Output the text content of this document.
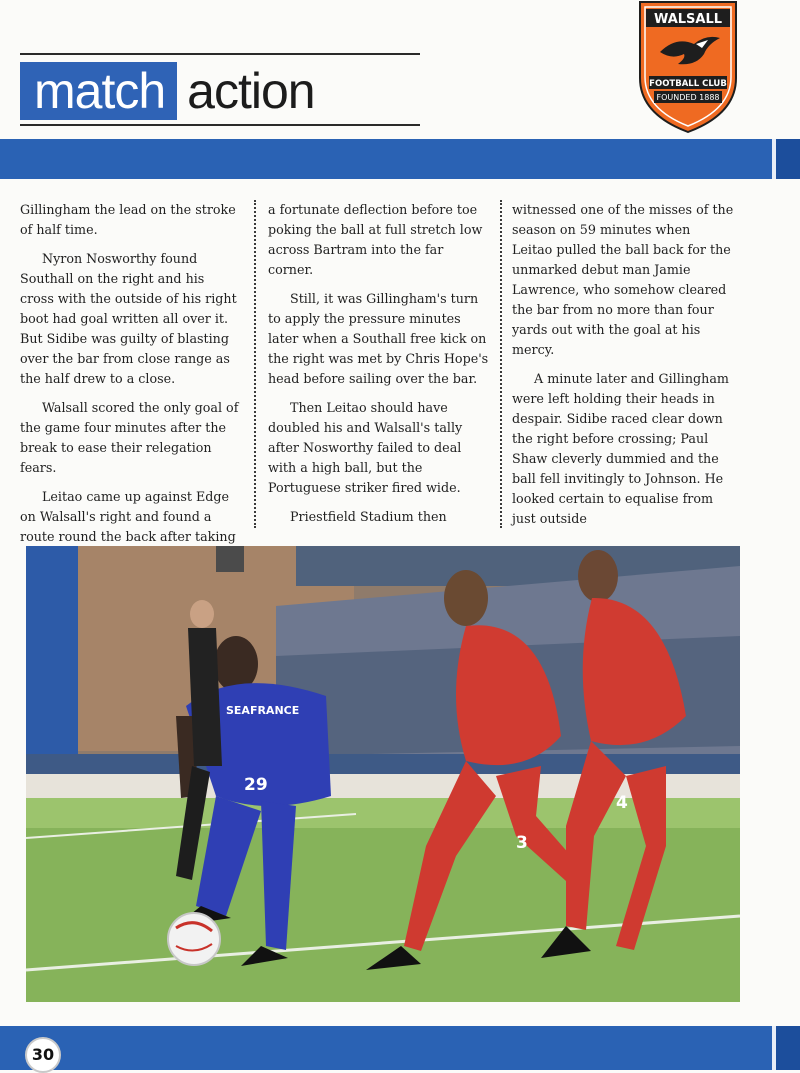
match action
WALSALL
FOOTBALL CLUB
FOUNDED 1888

Gillingham the lead on the stroke of half time.

Nyron Nosworthy found Southall on the right and his cross with the outside of his right boot had goal written all over it. But Sidibe was guilty of blasting over the bar from close range as the half drew to a close.

Walsall scored the only goal of the game four minutes after the break to ease their relegation fears.

Leitao came up against Edge on Walsall's right and found a route round the back after taking

a fortunate deflection before toe poking the ball at full stretch low across Bartram into the far corner.

Still, it was Gillingham's turn to apply the pressure minutes later when a Southall free kick on the right was met by Chris Hope's head before sailing over the bar.

Then Leitao should have doubled his and Walsall's tally after Nosworthy failed to deal with a high ball, but the Portuguese striker fired wide.

Priestfield Stadium then

witnessed one of the misses of the season on 59 minutes when Leitao pulled the ball back for the unmarked debut man Jamie Lawrence, who somehow cleared the bar from no more than four yards out with the goal at his mercy.

A minute later and Gillingham were left holding their heads in despair. Sidibe raced clear down the right before crossing; Paul Shaw cleverly dummied and the ball fell invitingly to Johnson. He looked certain to equalise from just outside

SEAFRANCE
29
3
4
30
